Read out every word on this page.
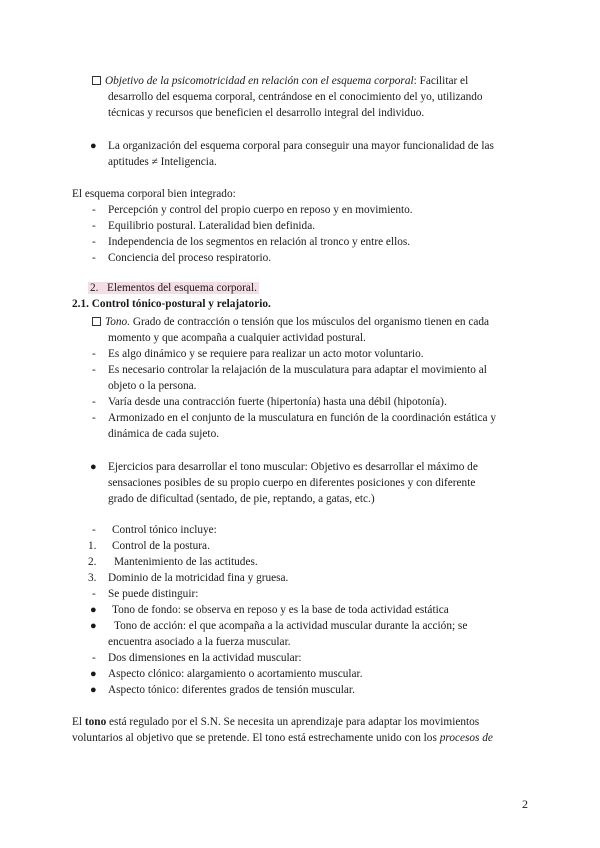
Objetivo de la psicomotricidad en relación con el esquema corporal: Facilitar el
desarrollo del esquema corporal, centrándose en el conocimiento del yo, utilizando
técnicas y recursos que beneficien el desarrollo integral del individuo.
● La organización del esquema corporal para conseguir una mayor funcionalidad de las
aptitudes ≠ Inteligencia.
El esquema corporal bien integrado:
- Percepción y control del propio cuerpo en reposo y en movimiento.
- Equilibrio postural. Lateralidad bien definida.
- Independencia de los segmentos en relación al tronco y entre ellos.
- Conciencia del proceso respiratorio.
2. Elementos del esquema corporal.
2.1. Control tónico-postural y relajatorio.
Tono. Grado de contracción o tensión que los músculos del organismo tienen en cada
momento y que acompaña a cualquier actividad postural.
- Es algo dinámico y se requiere para realizar un acto motor voluntario.
- Es necesario controlar la relajación de la musculatura para adaptar el movimiento al
objeto o la persona.
- Varía desde una contracción fuerte (hipertonía) hasta una débil (hipotonía).
- Armonizado en el conjunto de la musculatura en función de la coordinación estática y
dinámica de cada sujeto.
● Ejercicios para desarrollar el tono muscular: Objetivo es desarrollar el máximo de
sensaciones posibles de su propio cuerpo en diferentes posiciones y con diferente
grado de dificultad (sentado, de pie, reptando, a gatas, etc.)
- Control tónico incluye:
1. Control de la postura.
2. Mantenimiento de las actitudes.
3. Dominio de la motricidad fina y gruesa.
- Se puede distinguir:
● Tono de fondo: se observa en reposo y es la base de toda actividad estática
● Tono de acción: el que acompaña a la actividad muscular durante la acción; se
encuentra asociado a la fuerza muscular.
- Dos dimensiones en la actividad muscular:
● Aspecto clónico: alargamiento o acortamiento muscular.
● Aspecto tónico: diferentes grados de tensión muscular.
El tono está regulado por el S.N. Se necesita un aprendizaje para adaptar los movimientos
voluntarios al objetivo que se pretende. El tono está estrechamente unido con los procesos de
2
